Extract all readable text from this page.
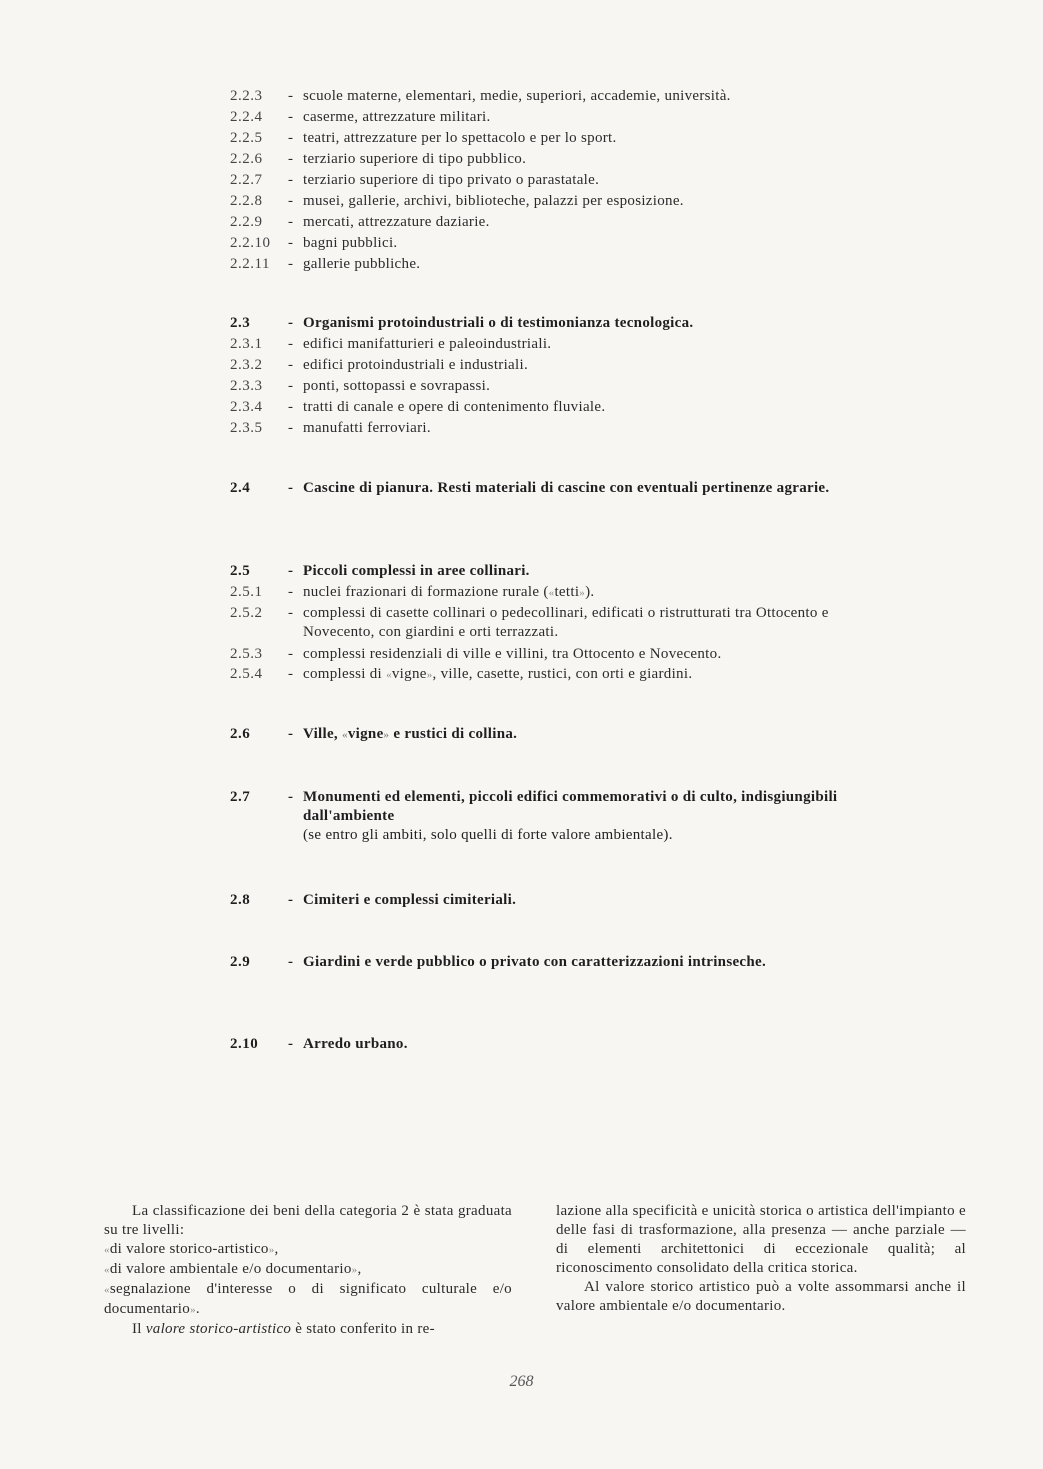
2.2.3	- scuole materne, elementari, medie, superiori, accademie, università.
2.2.4	- caserme, attrezzature militari.
2.2.5	- teatri, attrezzature per lo spettacolo e per lo sport.
2.2.6	- terziario superiore di tipo pubblico.
2.2.7	- terziario superiore di tipo privato o parastatale.
2.2.8	- musei, gallerie, archivi, biblioteche, palazzi per esposizione.
2.2.9	- mercati, attrezzature daziarie.
2.2.10	- bagni pubblici.
2.2.11	- gallerie pubbliche.
2.3	- Organismi protoindustriali o di testimonianza tecnologica.
2.3.1	- edifici manifatturieri e paleoindustriali.
2.3.2	- edifici protoindustriali e industriali.
2.3.3	- ponti, sottopassi e sovrapassi.
2.3.4	- tratti di canale e opere di contenimento fluviale.
2.3.5	- manufatti ferroviari.
2.4	- Cascine di pianura. Resti materiali di cascine con eventuali pertinenze agrarie.
2.5	- Piccoli complessi in aree collinari.
2.5.1	- nuclei frazionari di formazione rurale («tetti»).
2.5.2	- complessi di casette collinari o pedecollinari, edificati o ristrutturati tra Ottocento e Novecento, con giardini e orti terrazzati.
2.5.3	- complessi residenziali di ville e villini, tra Ottocento e Novecento.
2.5.4	- complessi di «vigne», ville, casette, rustici, con orti e giardini.
2.6	- Ville, «vigne» e rustici di collina.
2.7	- Monumenti ed elementi, piccoli edifici commemorativi o di culto, indisgiungibili dall'ambiente
(se entro gli ambiti, solo quelli di forte valore ambientale).
2.8	- Cimiteri e complessi cimiteriali.
2.9	- Giardini e verde pubblico o privato con caratterizzazioni intrinseche.
2.10	- Arredo urbano.

La classificazione dei beni della categoria 2 è stata graduata su tre livelli:

«di valore storico-artistico»,

«di valore ambientale e/o documentario»,

«segnalazione d'interesse o di significato culturale e/o documentario».

Il valore storico-artistico è stato conferito in re-

lazione alla specificità e unicità storica o artistica dell'impianto e delle fasi di trasformazione, alla presenza — anche parziale — di elementi architettonici di eccezionale qualità; al riconoscimento consolidato della critica storica.

Al valore storico artistico può a volte assommarsi anche il valore ambientale e/o documentario.

268
